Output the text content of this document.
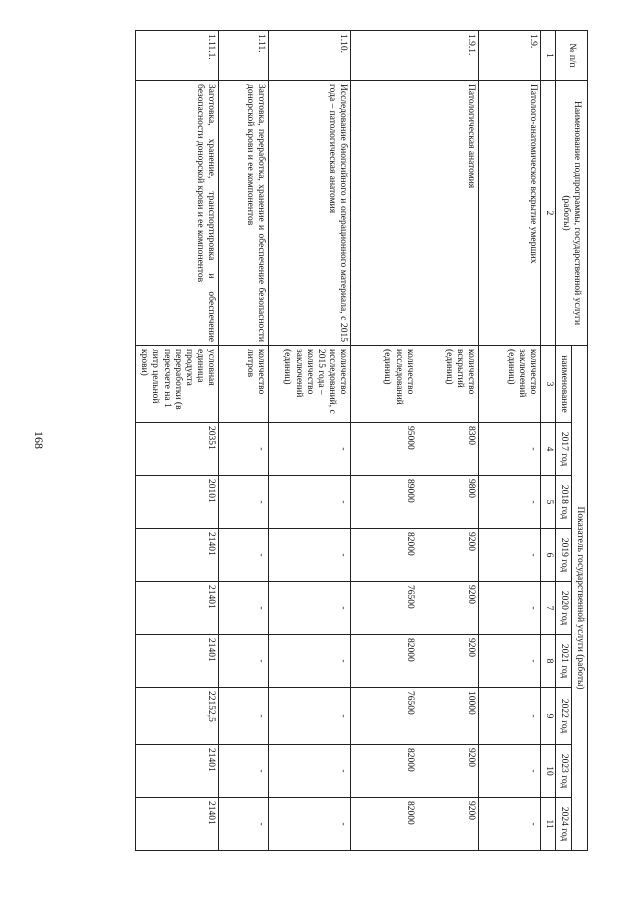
168
№ п/п	Наименование подпрограммы, государственной услуги (работы)	Показатель государственной услуги (работы)								
		наименование	2017 год	2018 год	2019 год	2020 год	2021 год	2022 год	2023 год	2024 год
1	2	3	4	5	6	7	8	9	10	11
1.9.	Патолого-анатомическое вскрытие умерших	количество заключений (единиц)	-	-	-	-	-	-	-	-
1.9.1.	Патологическая анатомия	количество вскрытий (единиц)	8300	9800	9200	9200	9200	10000	9200	9200
		количество исследований (единиц)	95000	89000	82000	76500	82000	76500	82000	82000
1.10.	Исследование биопсийного и операционного материала, с 2015 года – патологическая анатомия	количество исследований, с 2015 года – количество заключений (единиц)	-	-	-	-	-	-	-	-
1.11.	Заготовка, переработка, хранение и обеспечение безопасности донорской крови и ее компонентов	количество литров	-	-	-	-	-	-	-	-
1.11.1.	Заготовка, хранение, транспортировка и обеспечение безопасности донорской крови и ее компонентов	условная единица продукта переработки (в пересчете на 1 литр цельной крови)	20351	20101	21401	21401	21401	22152,5	21401	21401
